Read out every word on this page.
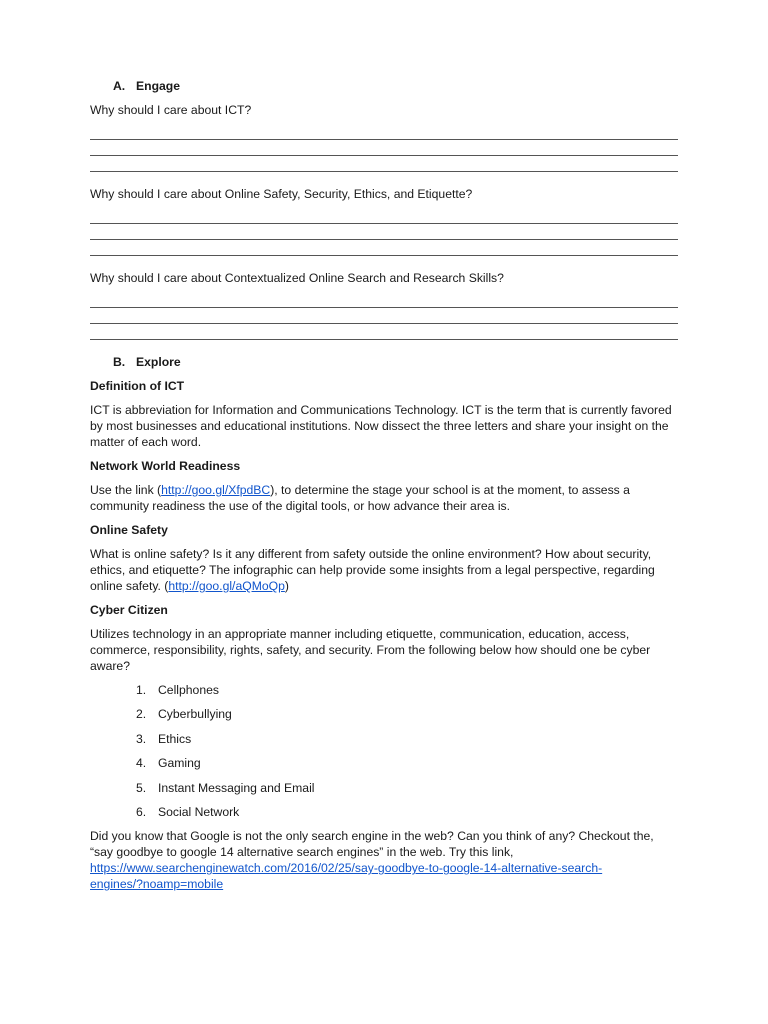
A. Engage

Why should I care about ICT?

Why should I care about Online Safety, Security, Ethics, and Etiquette?

Why should I care about Contextualized Online Search and Research Skills?

B. Explore

Definition of ICT

ICT is abbreviation for Information and Communications Technology. ICT is the term that is currently favored by most businesses and educational institutions. Now dissect the three letters and share your insight on the matter of each word.

Network World Readiness

Use the link (http://goo.gl/XfpdBC), to determine the stage your school is at the moment, to assess a community readiness the use of the digital tools, or how advance their area is.

Online Safety

What is online safety? Is it any different from safety outside the online environment? How about security, ethics, and etiquette? The infographic can help provide some insights from a legal perspective, regarding online safety. (http://goo.gl/aQMoQp)

Cyber Citizen

Utilizes technology in an appropriate manner including etiquette, communication, education, access, commerce, responsibility, rights, safety, and security. From the following below how should one be cyber aware?

1. Cellphones
2. Cyberbullying
3. Ethics
4. Gaming
5. Instant Messaging and Email
6. Social Network

Did you know that Google is not the only search engine in the web? Can you think of any? Checkout the, “say goodbye to google 14 alternative search engines” in the web. Try this link,
https://www.searchenginewatch.com/2016/02/25/say-goodbye-to-google-14-alternative-search-
engines/?noamp=mobile
